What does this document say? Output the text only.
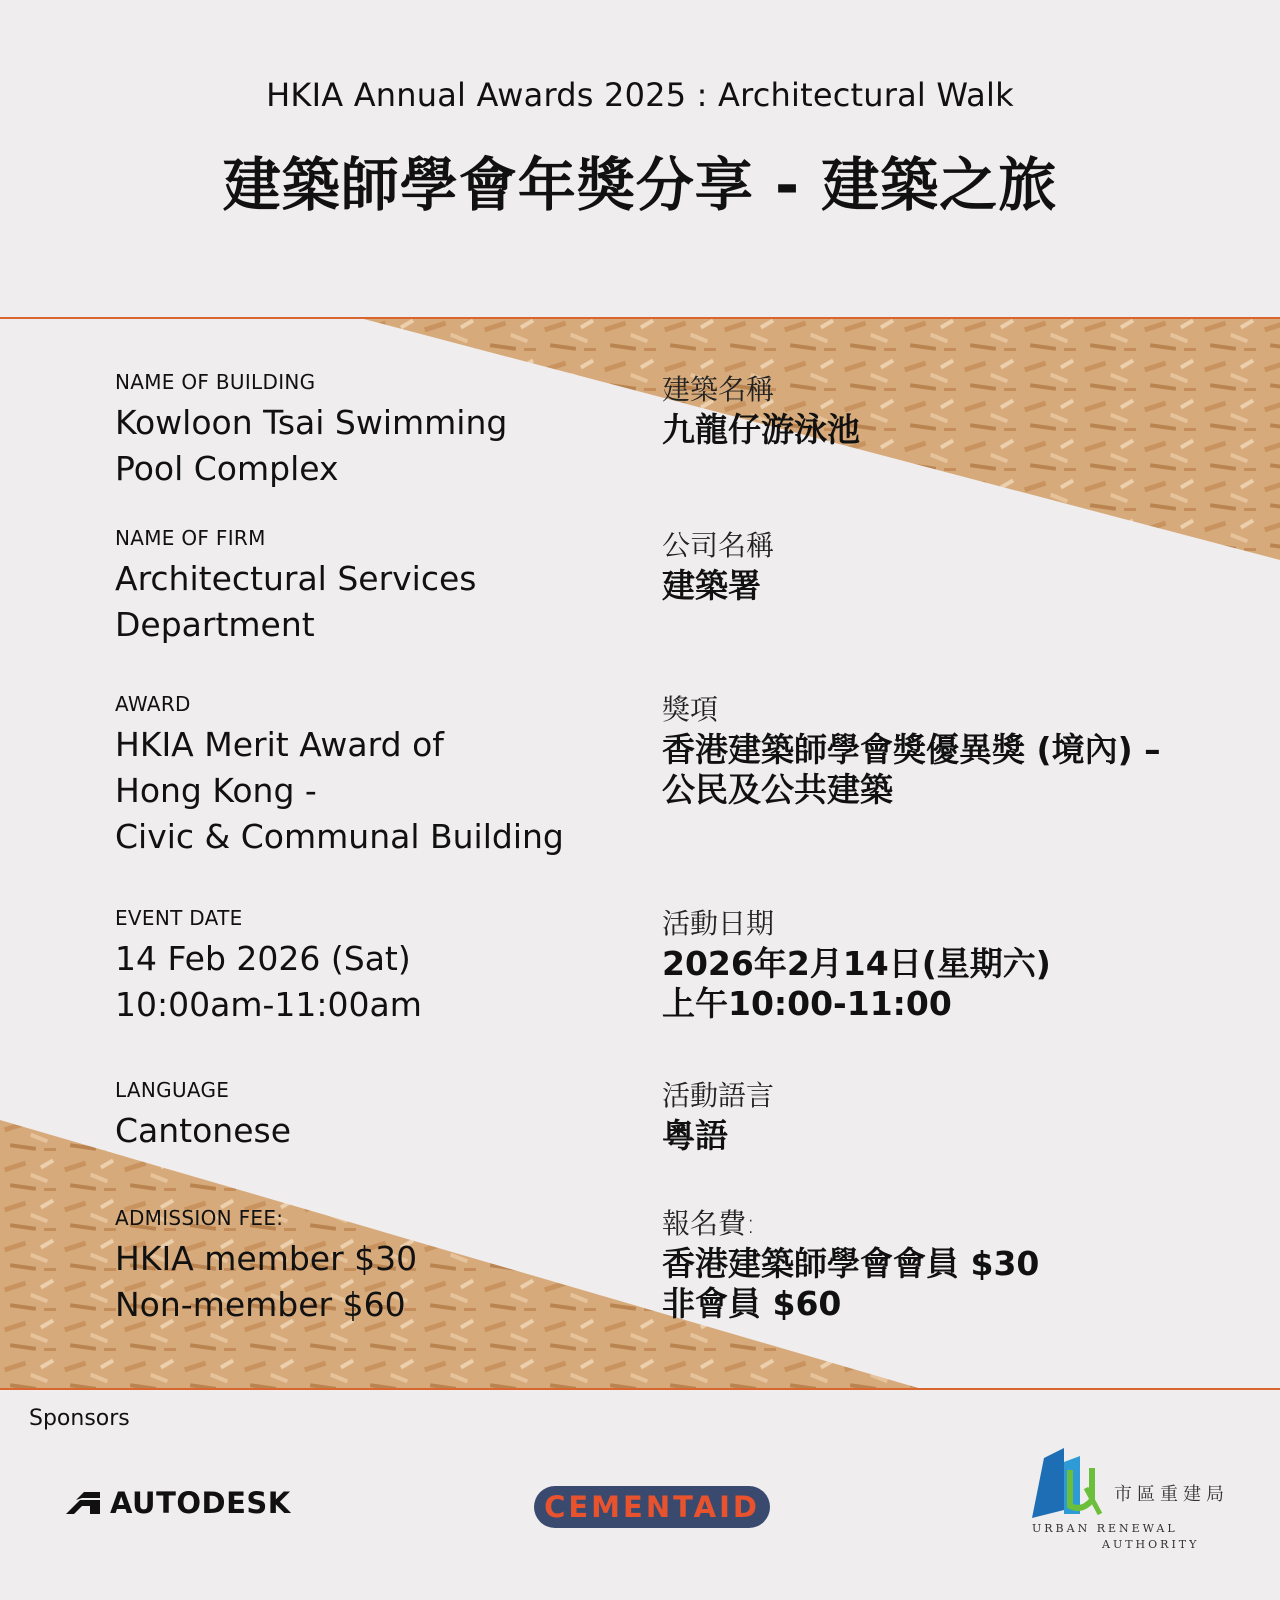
HKIA Annual Awards 2025 : Architectural Walk
建築師學會年獎分享 - 建築之旅
NAME OF BUILDING
Kowloon Tsai Swimming
Pool Complex
建築名稱
九龍仔游泳池
NAME OF FIRM
Architectural Services
Department
公司名稱
建築署
AWARD
HKIA Merit Award of
Hong Kong -
Civic & Communal Building
獎項
香港建築師學會獎優異獎 (境內) –
公民及公共建築
EVENT DATE
14 Feb 2026 (Sat)
10:00am-11:00am
活動日期
2026年2月14日(星期六)
上午10:00-11:00
LANGUAGE
Cantonese
活動語言
粵語
ADMISSION FEE:
HKIA member $30
Non-member $60
報名費:
香港建築師學會會員 $30
非會員 $60
Sponsors
AUTODESK	CEMENTAID	市區重建局
URBAN RENEWAL
AUTHORITY
